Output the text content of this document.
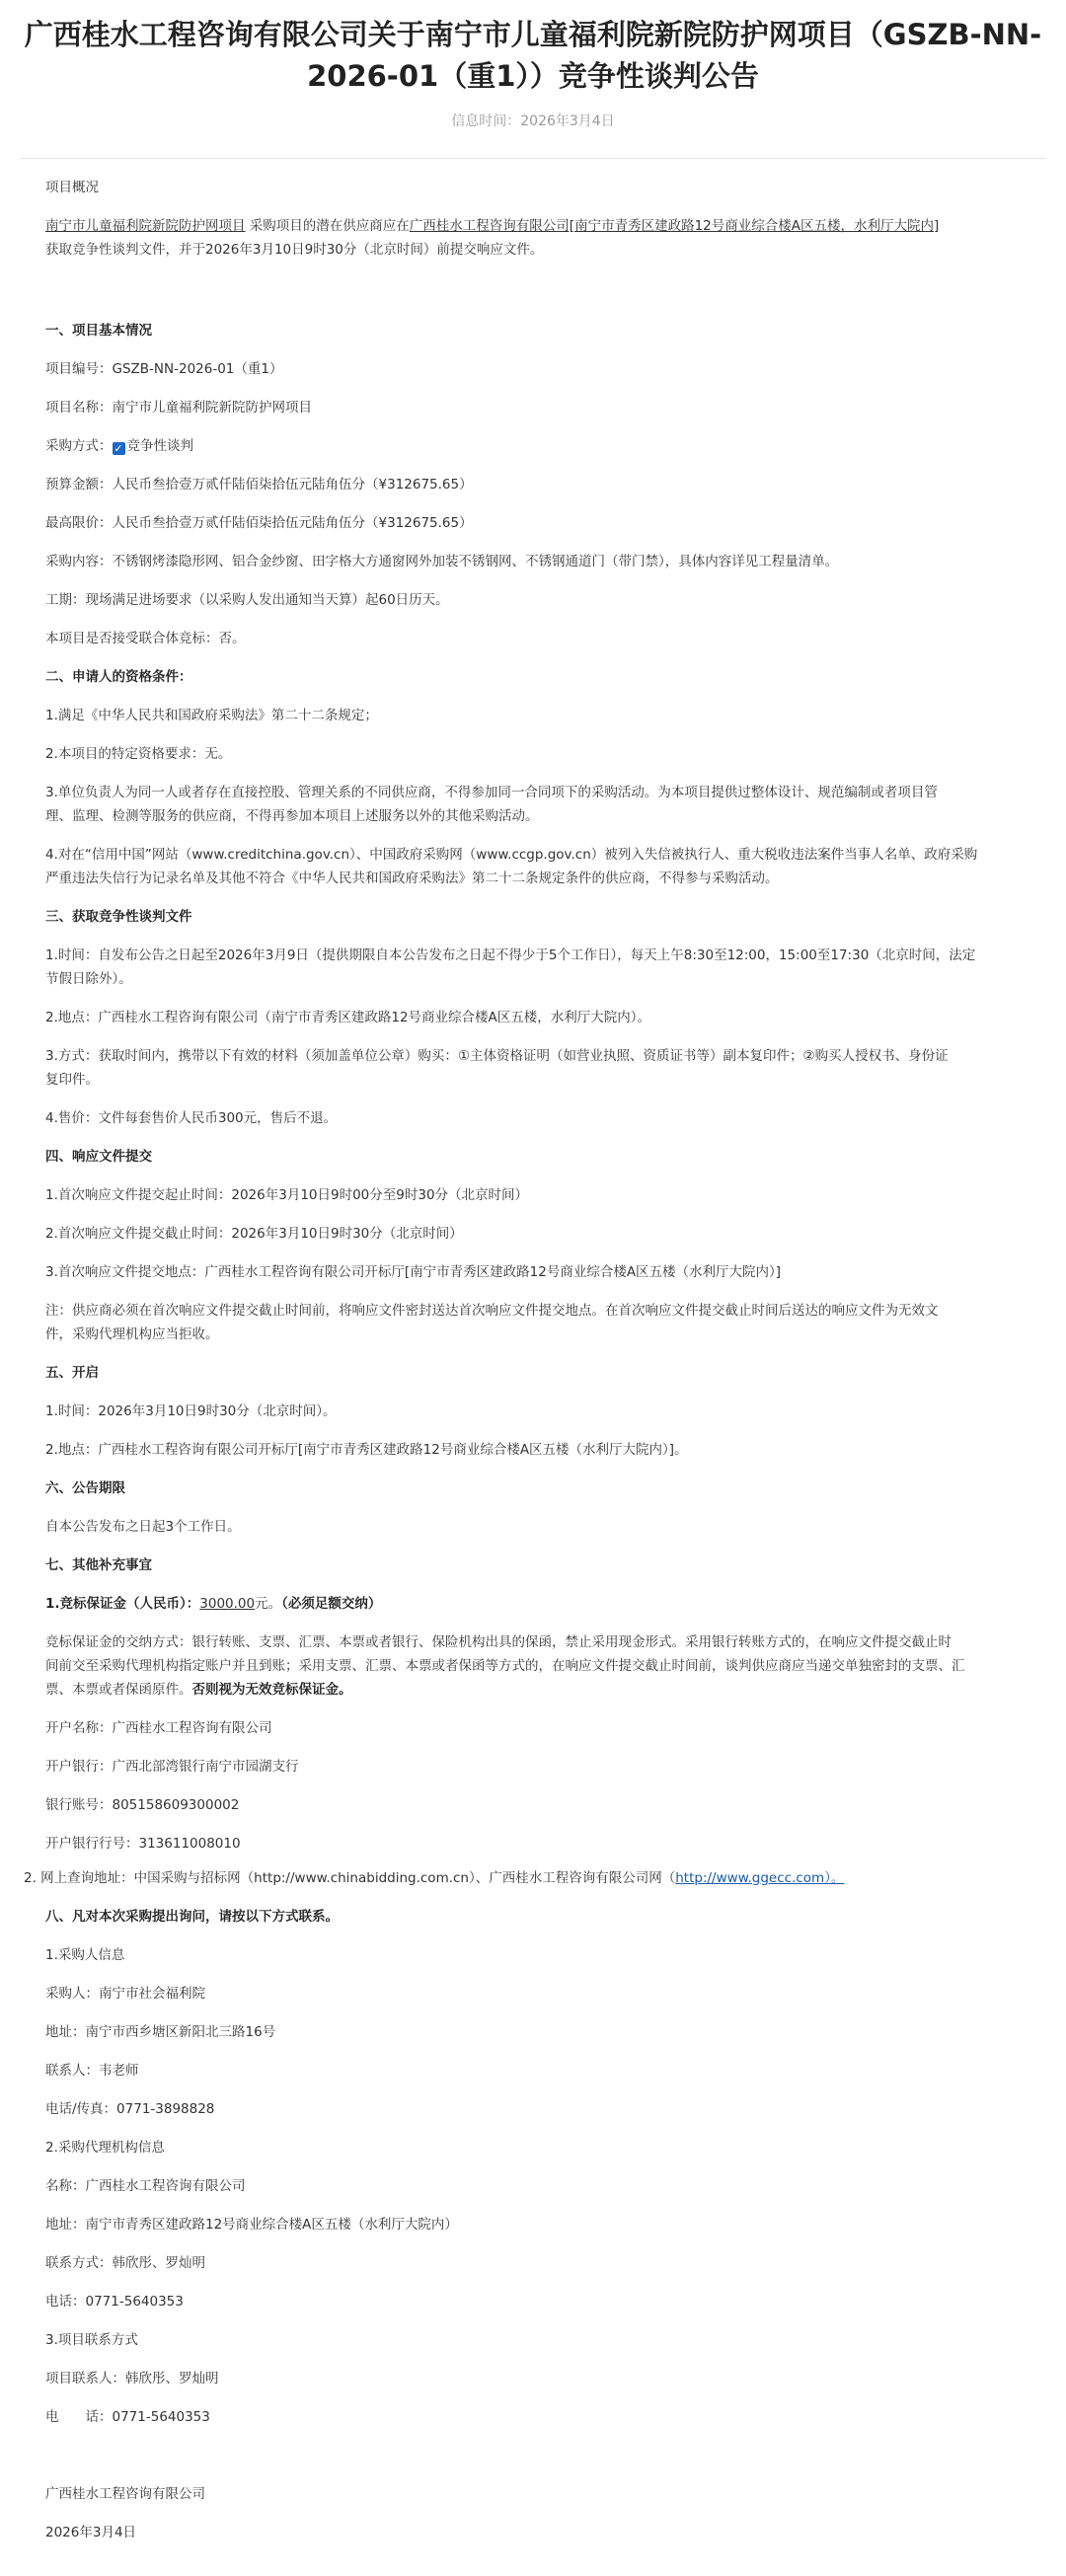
广西桂水工程咨询有限公司关于南宁市儿童福利院新院防护网项目（GSZB-NN-
2026-01（重1））竞争性谈判公告
信息时间：2026年3月4日

项目概况

南宁市儿童福利院新院防护网项目 采购项目的潜在供应商应在广西桂水工程咨询有限公司[南宁市青秀区建政路12号商业综合楼A区五楼，水利厅大院内]

获取竞争性谈判文件，并于2026年3月10日9时30分（北京时间）前提交响应文件。

一、项目基本情况

项目编号：GSZB-NN-2026-01（重1）

项目名称：南宁市儿童福利院新院防护网项目

采购方式： ✓ 竞争性谈判

预算金额：人民币叁拾壹万贰仟陆佰柒拾伍元陆角伍分（¥312675.65）

最高限价：人民币叁拾壹万贰仟陆佰柒拾伍元陆角伍分（¥312675.65）

采购内容：不锈钢烤漆隐形网、铝合金纱窗、田字格大方通窗网外加装不锈钢网、不锈钢通道门（带门禁），具体内容详见工程量清单。

工期：现场满足进场要求（以采购人发出通知当天算）起60日历天。

本项目是否接受联合体竞标：否。

二、申请人的资格条件：

1.满足《中华人民共和国政府采购法》第二十二条规定；

2.本项目的特定资格要求：无。

3.单位负责人为同一人或者存在直接控股、管理关系的不同供应商，不得参加同一合同项下的采购活动。为本项目提供过整体设计、规范编制或者项目管

理、监理、检测等服务的供应商，不得再参加本项目上述服务以外的其他采购活动。

4.对在“信用中国”网站（www.creditchina.gov.cn）、中国政府采购网（www.ccgp.gov.cn）被列入失信被执行人、重大税收违法案件当事人名单、政府采购

严重违法失信行为记录名单及其他不符合《中华人民共和国政府采购法》第二十二条规定条件的供应商，不得参与采购活动。

三、获取竞争性谈判文件

1.时间：自发布公告之日起至2026年3月9日（提供期限自本公告发布之日起不得少于5个工作日），每天上午8:30至12:00，15:00至17:30（北京时间，法定

节假日除外）。

2.地点：广西桂水工程咨询有限公司（南宁市青秀区建政路12号商业综合楼A区五楼，水利厅大院内）。

3.方式：获取时间内，携带以下有效的材料（须加盖单位公章）购买：①主体资格证明（如营业执照、资质证书等）副本复印件；②购买人授权书、身份证

复印件。

4.售价：文件每套售价人民币300元，售后不退。

四、响应文件提交

1.首次响应文件提交起止时间：2026年3月10日9时00分至9时30分（北京时间）

2.首次响应文件提交截止时间：2026年3月10日9时30分（北京时间）

3.首次响应文件提交地点：广西桂水工程咨询有限公司开标厅[南宁市青秀区建政路12号商业综合楼A区五楼（水利厅大院内）]

注：供应商必须在首次响应文件提交截止时间前，将响应文件密封送达首次响应文件提交地点。在首次响应文件提交截止时间后送达的响应文件为无效文

件，采购代理机构应当拒收。

五、开启

1.时间：2026年3月10日9时30分（北京时间）。

2.地点：广西桂水工程咨询有限公司开标厅[南宁市青秀区建政路12号商业综合楼A区五楼（水利厅大院内）]。

六、公告期限

自本公告发布之日起3个工作日。

七、其他补充事宜

1.竞标保证金（人民币）：3000.00元。（必须足额交纳）

竞标保证金的交纳方式：银行转账、支票、汇票、本票或者银行、保险机构出具的保函，禁止采用现金形式。采用银行转账方式的，在响应文件提交截止时

间前交至采购代理机构指定账户并且到账；采用支票、汇票、本票或者保函等方式的，在响应文件提交截止时间前，谈判供应商应当递交单独密封的支票、汇

票、本票或者保函原件。否则视为无效竞标保证金。

开户名称：广西桂水工程咨询有限公司

开户银行：广西北部湾银行南宁市园湖支行

银行账号：805158609300002

开户银行行号：313611008010

2. 网上查询地址：中国采购与招标网（http://www.chinabidding.com.cn）、广西桂水工程咨询有限公司网（http://www.ggecc.com）。

八、凡对本次采购提出询问，请按以下方式联系。

1.采购人信息

采购人：南宁市社会福利院

地址：南宁市西乡塘区新阳北三路16号

联系人：韦老师

电话/传真：0771-3898828

2.采购代理机构信息

名称：广西桂水工程咨询有限公司

地址：南宁市青秀区建政路12号商业综合楼A区五楼（水利厅大院内）

联系方式：韩欣彤、罗灿明

电话：0771-5640353

3.项目联系方式

项目联系人：韩欣彤、罗灿明

电　　话：0771-5640353

广西桂水工程咨询有限公司

2026年3月4日
